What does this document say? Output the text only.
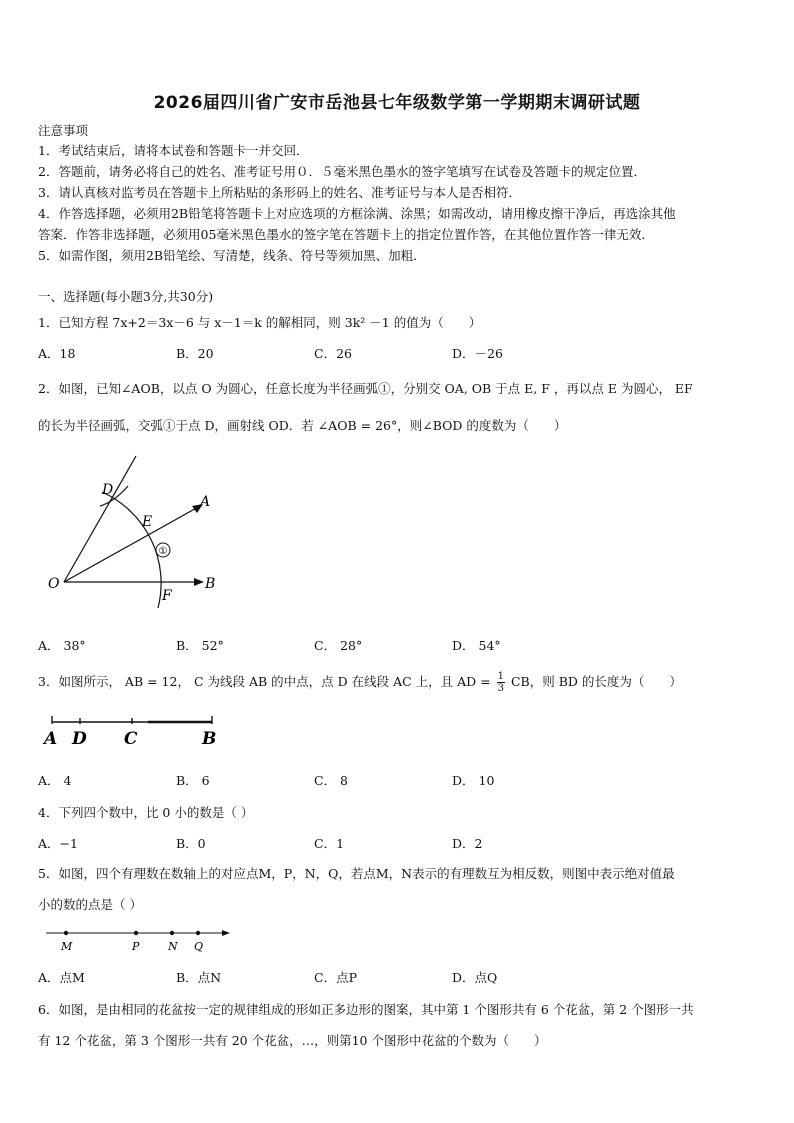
2026届四川省广安市岳池县七年级数学第一学期期末调研试题
注意事项
1．考试结束后，请将本试卷和答题卡一并交回．
2．答题前，请务必将自己的姓名、准考证号用０．５毫米黑色墨水的签字笔填写在试卷及答题卡的规定位置．
3．请认真核对监考员在答题卡上所粘贴的条形码上的姓名、准考证号与本人是否相符．
4．作答选择题，必须用2B铅笔将答题卡上对应选项的方框涂满、涂黑；如需改动，请用橡皮擦干净后，再选涂其他
答案．作答非选择题，必须用05毫米黑色墨水的签字笔在答题卡上的指定位置作答，在其他位置作答一律无效．
5．如需作图，须用2B铅笔绘、写清楚，线条、符号等须加黑、加粗．
一、选择题(每小题3分,共30分)
1．已知方程 7x+2＝3x－6 与 x－1＝k 的解相同，则 3k² －1 的值为（　　）
A．18	B．20	C．26	D．－26
2．如图，已知∠AOB，以点 O 为圆心，任意长度为半径画弧①，分别交 OA, OB 于点 E, F ，再以点 E 为圆心， EF
的长为半径画弧，交弧①于点 D，画射线 OD．若 ∠AOB = 26°，则∠BOD 的度数为（　　）
①
D
E
A
O	B
F
A． 38°	B． 52°	C． 28°	D． 54°
3．如图所示， AB = 12， C 为线段 AB 的中点，点 D 在线段 AC 上，且 AD = $\frac{1}{3}$ CB，则 BD 的长度为（　　）
A D C	B
A． 4	B． 6	C． 8	D． 10
4．下列四个数中，比 0 小的数是（ ）
A．−1	B．0	C．1	D．2
5．如图，四个有理数在数轴上的对应点M，P，N，Q，若点M，N表示的有理数互为相反数，则图中表示绝对值最
小的数的点是（ ）
M	P	N Q
A．点M	B．点N	C．点P	D．点Q
6．如图，是由相同的花盆按一定的规律组成的形如正多边形的图案，其中第 1 个图形共有 6 个花盆，第 2 个图形一共
有 12 个花盆，第 3 个图形一共有 20 个花盆，…，则第10 个图形中花盆的个数为（　　）
